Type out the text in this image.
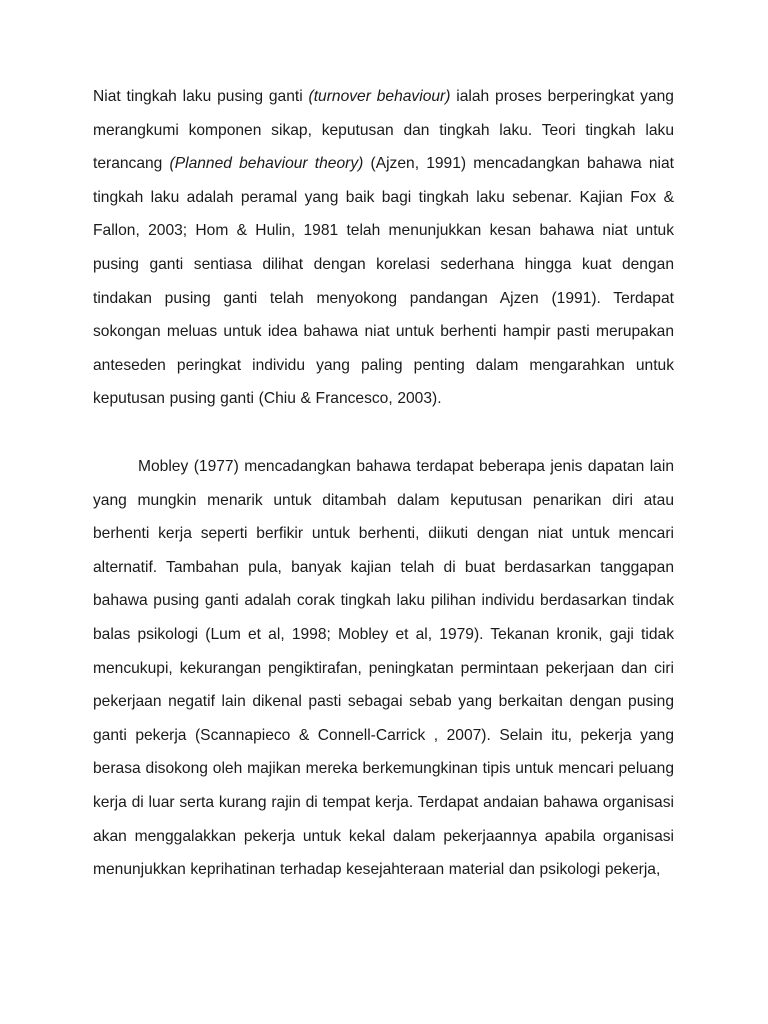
Niat tingkah laku pusing ganti (turnover behaviour) ialah proses berperingkat yang merangkumi komponen sikap, keputusan dan tingkah laku. Teori tingkah laku terancang (Planned behaviour theory) (Ajzen, 1991) mencadangkan bahawa niat tingkah laku adalah peramal yang baik bagi tingkah laku sebenar. Kajian Fox & Fallon, 2003; Hom & Hulin, 1981 telah menunjukkan kesan bahawa niat untuk pusing ganti sentiasa dilihat dengan korelasi sederhana hingga kuat dengan tindakan pusing ganti telah menyokong pandangan Ajzen (1991). Terdapat sokongan meluas untuk idea bahawa niat untuk berhenti hampir pasti merupakan anteseden peringkat individu yang paling penting dalam mengarahkan untuk keputusan pusing ganti (Chiu & Francesco, 2003).

Mobley (1977) mencadangkan bahawa terdapat beberapa jenis dapatan lain yang mungkin menarik untuk ditambah dalam keputusan penarikan diri atau berhenti kerja seperti berfikir untuk berhenti, diikuti dengan niat untuk mencari alternatif. Tambahan pula, banyak kajian telah di buat berdasarkan tanggapan bahawa pusing ganti adalah corak tingkah laku pilihan individu berdasarkan tindak balas psikologi (Lum et al, 1998; Mobley et al, 1979). Tekanan kronik, gaji tidak mencukupi, kekurangan pengiktirafan, peningkatan permintaan pekerjaan dan ciri pekerjaan negatif lain dikenal pasti sebagai sebab yang berkaitan dengan pusing ganti pekerja (Scannapieco & Connell-Carrick , 2007). Selain itu, pekerja yang berasa disokong oleh majikan mereka berkemungkinan tipis untuk mencari peluang kerja di luar serta kurang rajin di tempat kerja. Terdapat andaian bahawa organisasi akan menggalakkan pekerja untuk kekal dalam pekerjaannya apabila organisasi menunjukkan keprihatinan terhadap kesejahteraan material dan psikologi pekerja,
